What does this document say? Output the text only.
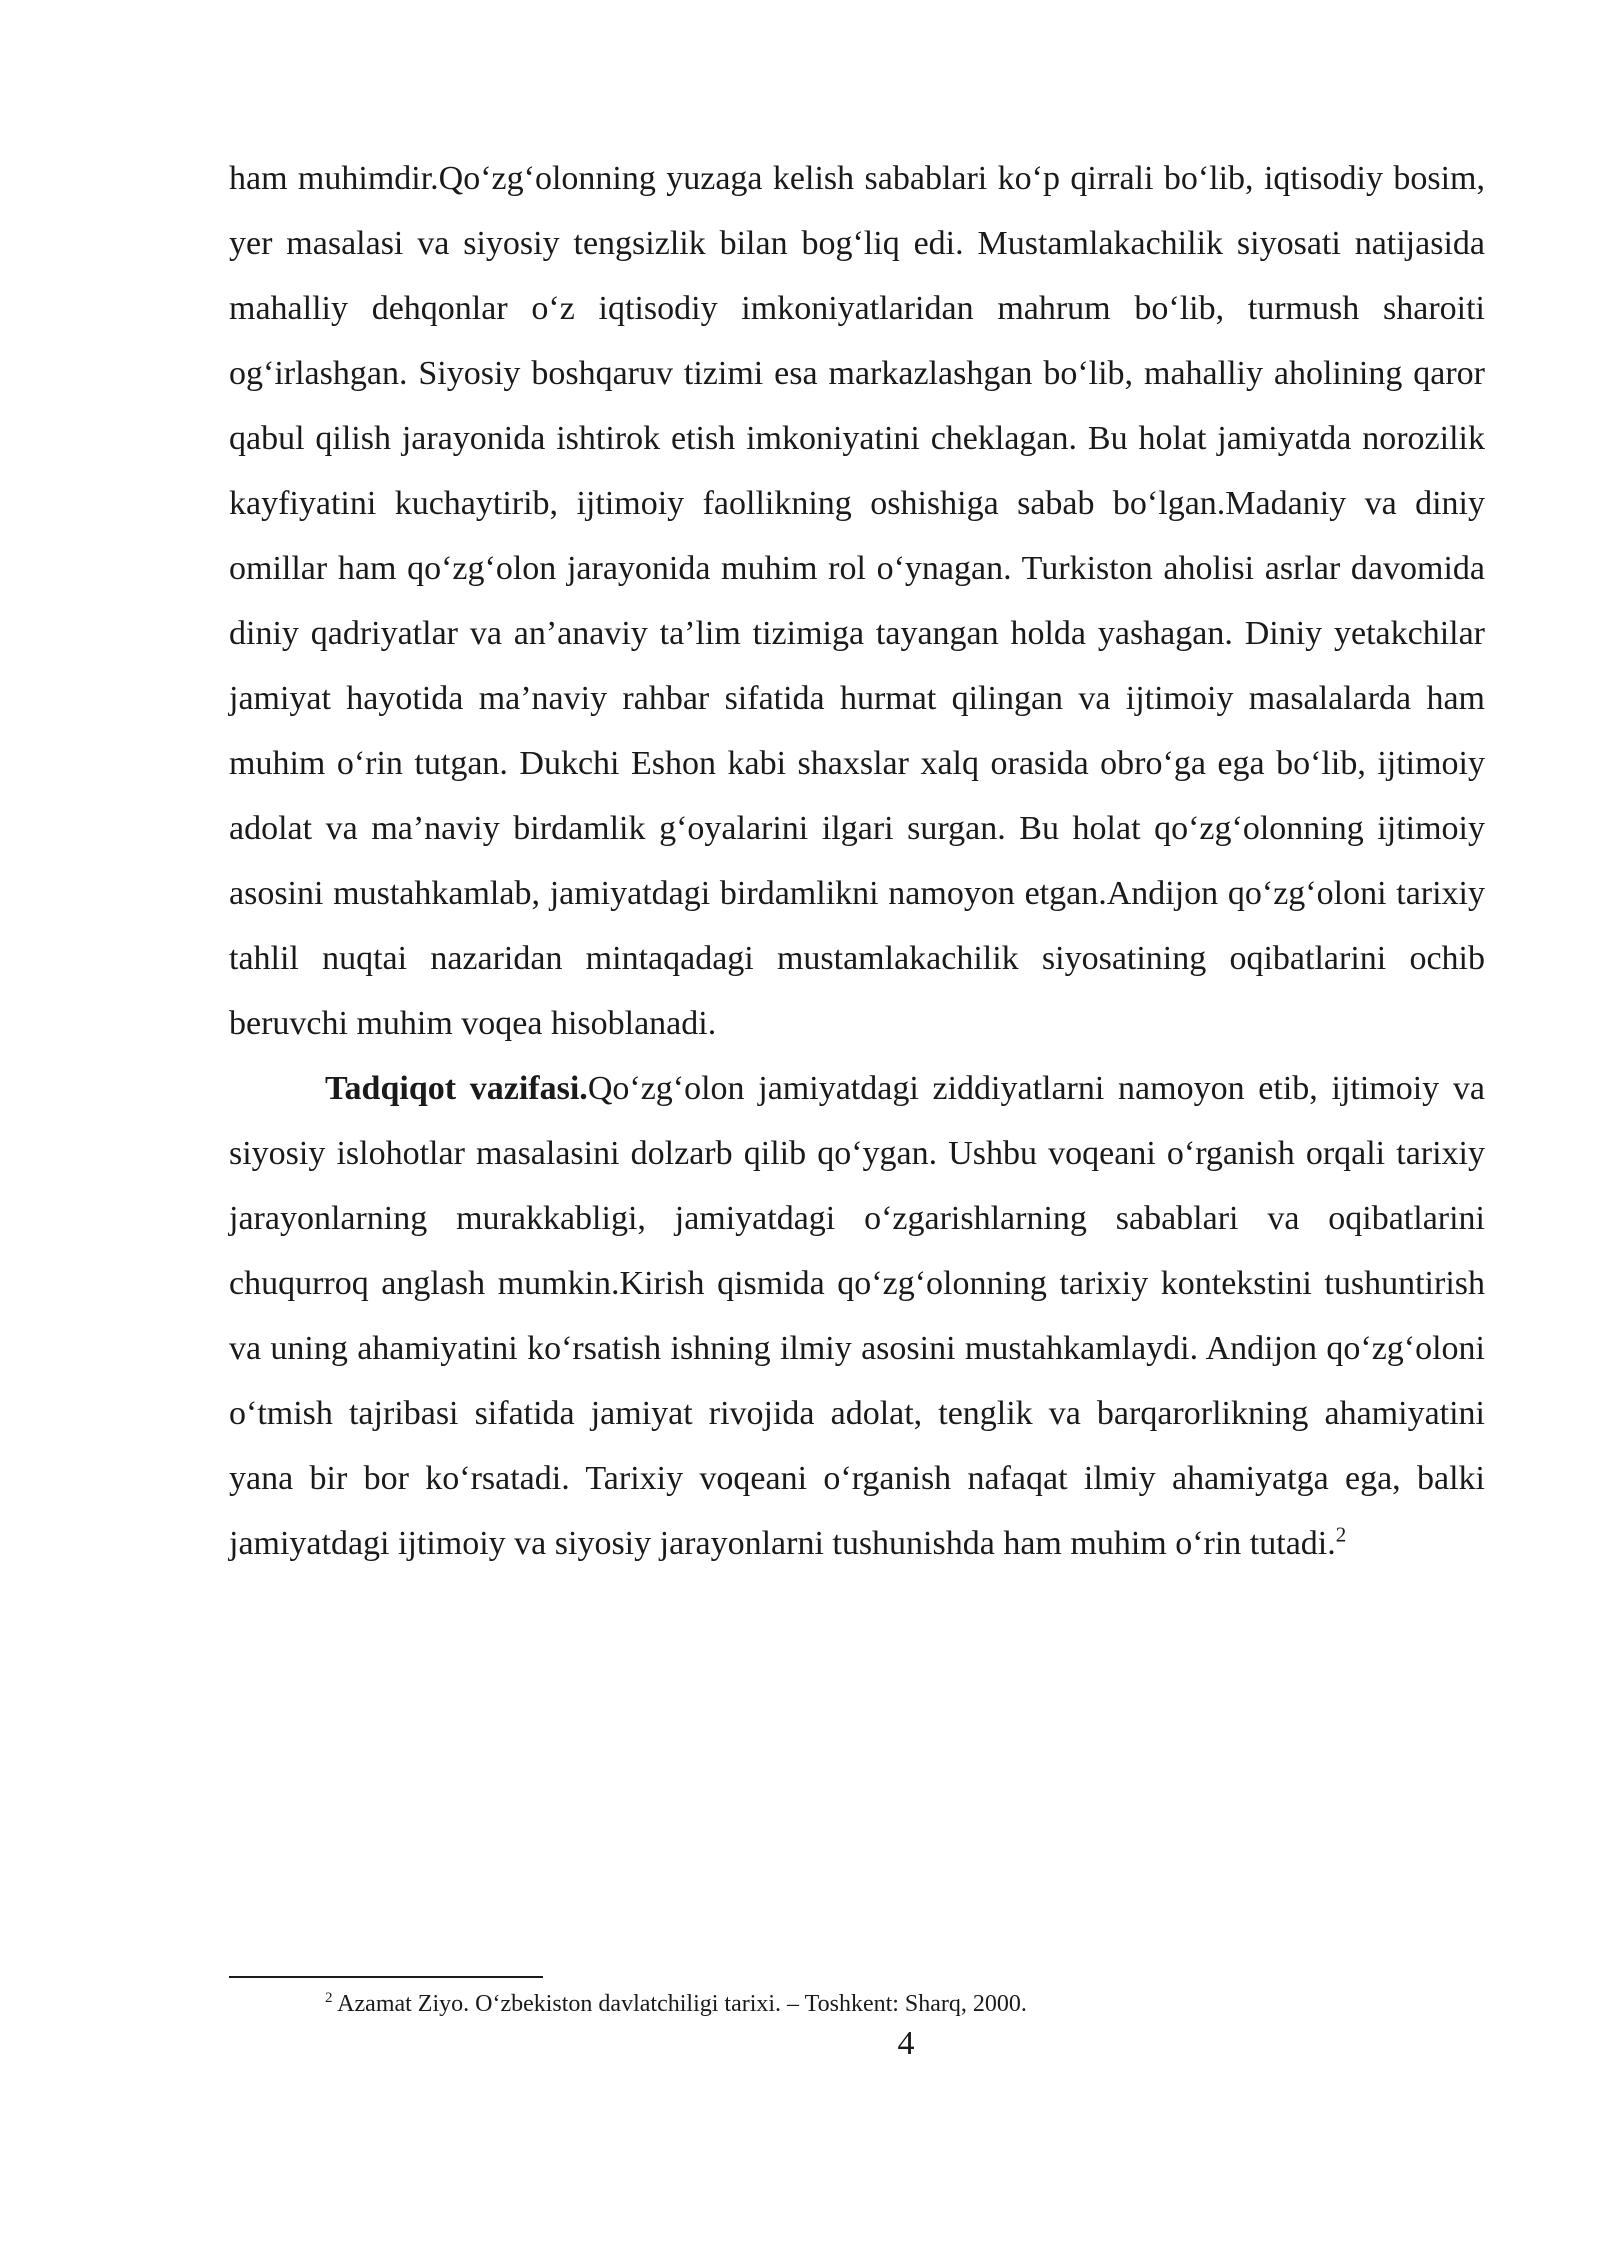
ham muhimdir.Qo‘zg‘olonning yuzaga kelish sabablari ko‘p qirrali bo‘lib, iqtisodiy bosim, yer masalasi va siyosiy tengsizlik bilan bog‘liq edi. Mustamlakachilik siyosati natijasida mahalliy dehqonlar o‘z iqtisodiy imkoniyatlaridan mahrum bo‘lib, turmush sharoiti og‘irlashgan. Siyosiy boshqaruv tizimi esa markazlashgan bo‘lib, mahalliy aholining qaror qabul qilish jarayonida ishtirok etish imkoniyatini cheklagan. Bu holat jamiyatda norozilik kayfiyatini kuchaytirib, ijtimoiy faollikning oshishiga sabab bo‘lgan.Madaniy va diniy omillar ham qo‘zg‘olon jarayonida muhim rol o‘ynagan. Turkiston aholisi asrlar davomida diniy qadriyatlar va an’anaviy ta’lim tizimiga tayangan holda yashagan. Diniy yetakchilar jamiyat hayotida ma’naviy rahbar sifatida hurmat qilingan va ijtimoiy masalalarda ham muhim o‘rin tutgan. Dukchi Eshon kabi shaxslar xalq orasida obro‘ga ega bo‘lib, ijtimoiy adolat va ma’naviy birdamlik g‘oyalarini ilgari surgan. Bu holat qo‘zg‘olonning ijtimoiy asosini mustahkamlab, jamiyatdagi birdamlikni namoyon etgan.Andijon qo‘zg‘oloni tarixiy tahlil nuqtai nazaridan mintaqadagi mustamlakachilik siyosatining oqibatlarini ochib beruvchi muhim voqea hisoblanadi.

Tadqiqot vazifasi.Qo‘zg‘olon jamiyatdagi ziddiyatlarni namoyon etib, ijtimoiy va siyosiy islohotlar masalasini dolzarb qilib qo‘ygan. Ushbu voqeani o‘rganish orqali tarixiy jarayonlarning murakkabligi, jamiyatdagi o‘zgarishlarning sabablari va oqibatlarini chuqurroq anglash mumkin.Kirish qismida qo‘zg‘olonning tarixiy kontekstini tushuntirish va uning ahamiyatini ko‘rsatish ishning ilmiy asosini mustahkamlaydi. Andijon qo‘zg‘oloni o‘tmish tajribasi sifatida jamiyat rivojida adolat, tenglik va barqarorlikning ahamiyatini yana bir bor ko‘rsatadi. Tarixiy voqeani o‘rganish nafaqat ilmiy ahamiyatga ega, balki jamiyatdagi ijtimoiy va siyosiy jarayonlarni tushunishda ham muhim o‘rin tutadi.$^2$

$^2$ Azamat Ziyo. O‘zbekiston davlatchiligi tarixi. – Toshkent: Sharq, 2000.
4
